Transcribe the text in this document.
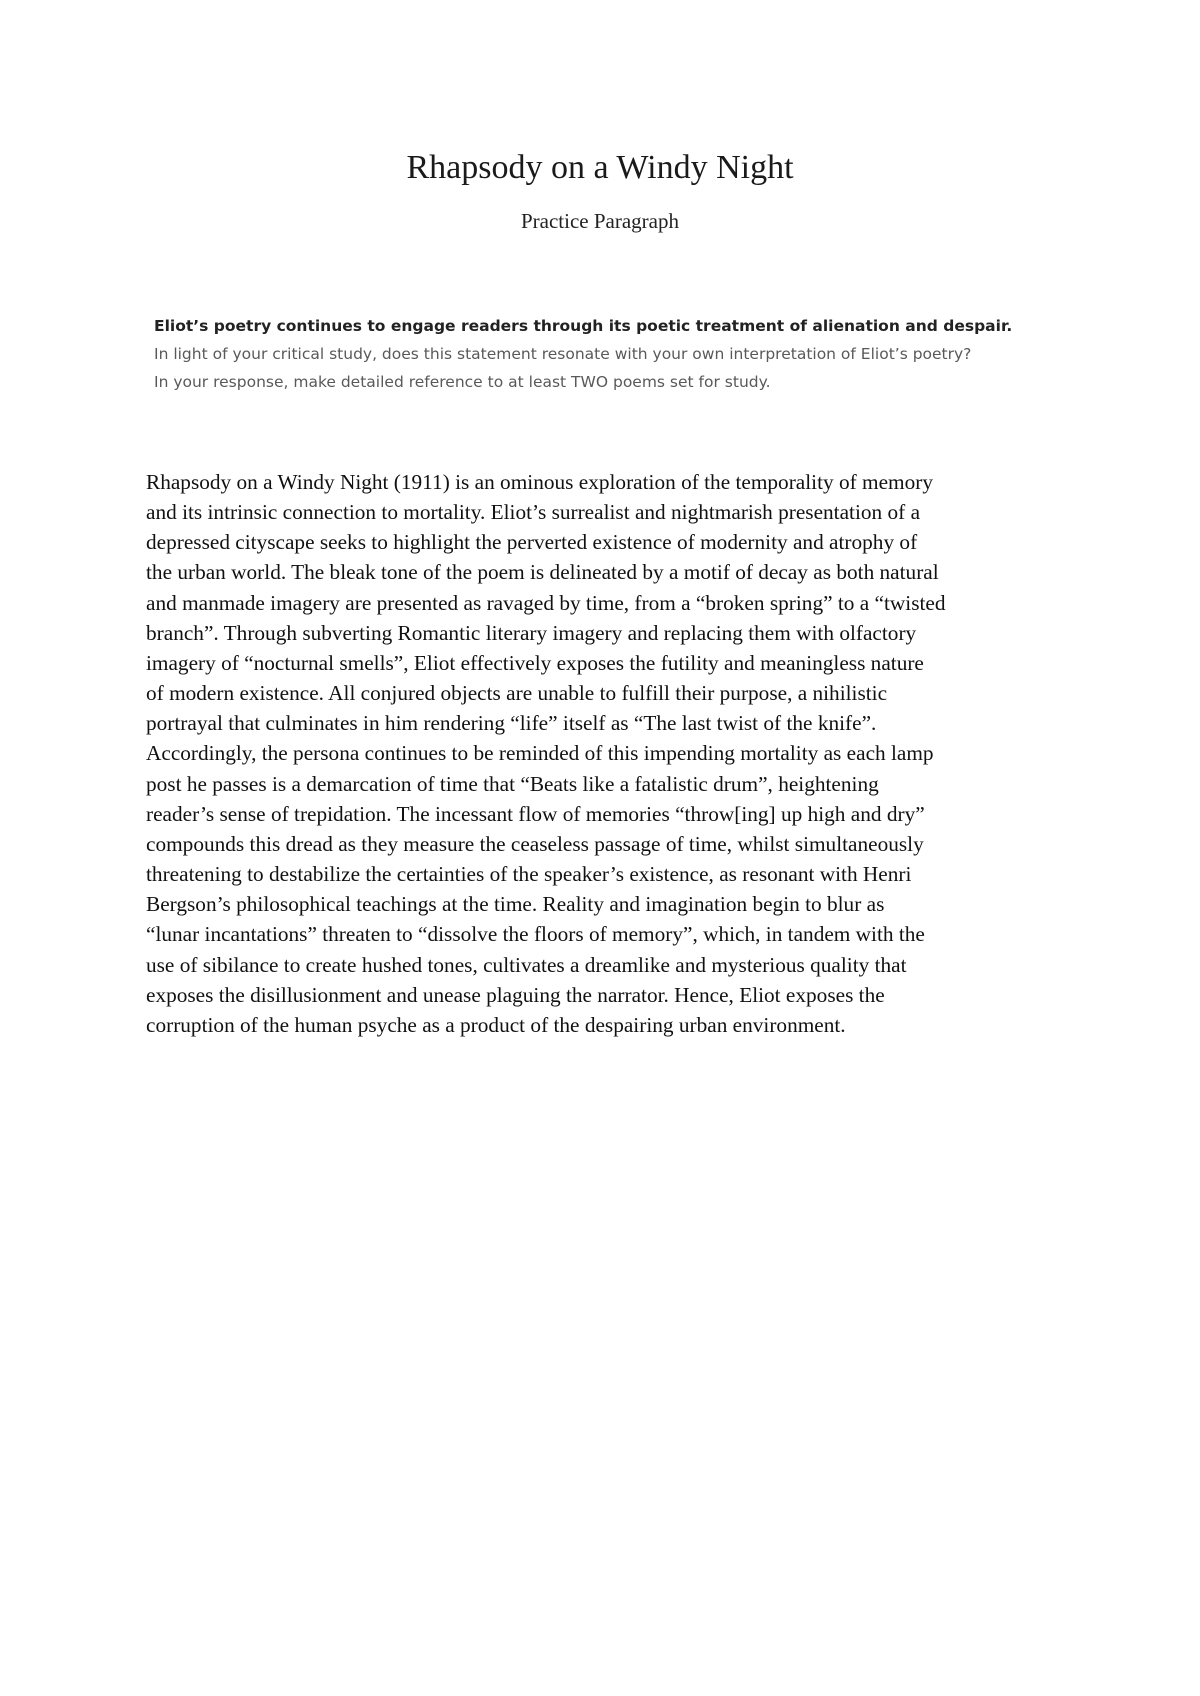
Rhapsody on a Windy Night
Practice Paragraph
Eliot’s poetry continues to engage readers through its poetic treatment of alienation and despair.
In light of your critical study, does this statement resonate with your own interpretation of Eliot’s poetry?
In your response, make detailed reference to at least TWO poems set for study.
Rhapsody on a Windy Night (1911) is an ominous exploration of the temporality of memory
and its intrinsic connection to mortality. Eliot’s surrealist and nightmarish presentation of a
depressed cityscape seeks to highlight the perverted existence of modernity and atrophy of
the urban world. The bleak tone of the poem is delineated by a motif of decay as both natural
and manmade imagery are presented as ravaged by time, from a “broken spring” to a “twisted
branch”. Through subverting Romantic literary imagery and replacing them with olfactory
imagery of “nocturnal smells”, Eliot effectively exposes the futility and meaningless nature
of modern existence. All conjured objects are unable to fulfill their purpose, a nihilistic
portrayal that culminates in him rendering “life” itself as “The last twist of the knife”.
Accordingly, the persona continues to be reminded of this impending mortality as each lamp
post he passes is a demarcation of time that “Beats like a fatalistic drum”, heightening
reader’s sense of trepidation. The incessant flow of memories “throw[ing] up high and dry”
compounds this dread as they measure the ceaseless passage of time, whilst simultaneously
threatening to destabilize the certainties of the speaker’s existence, as resonant with Henri
Bergson’s philosophical teachings at the time. Reality and imagination begin to blur as
“lunar incantations” threaten to “dissolve the floors of memory”, which, in tandem with the
use of sibilance to create hushed tones, cultivates a dreamlike and mysterious quality that
exposes the disillusionment and unease plaguing the narrator. Hence, Eliot exposes the
corruption of the human psyche as a product of the despairing urban environment.
